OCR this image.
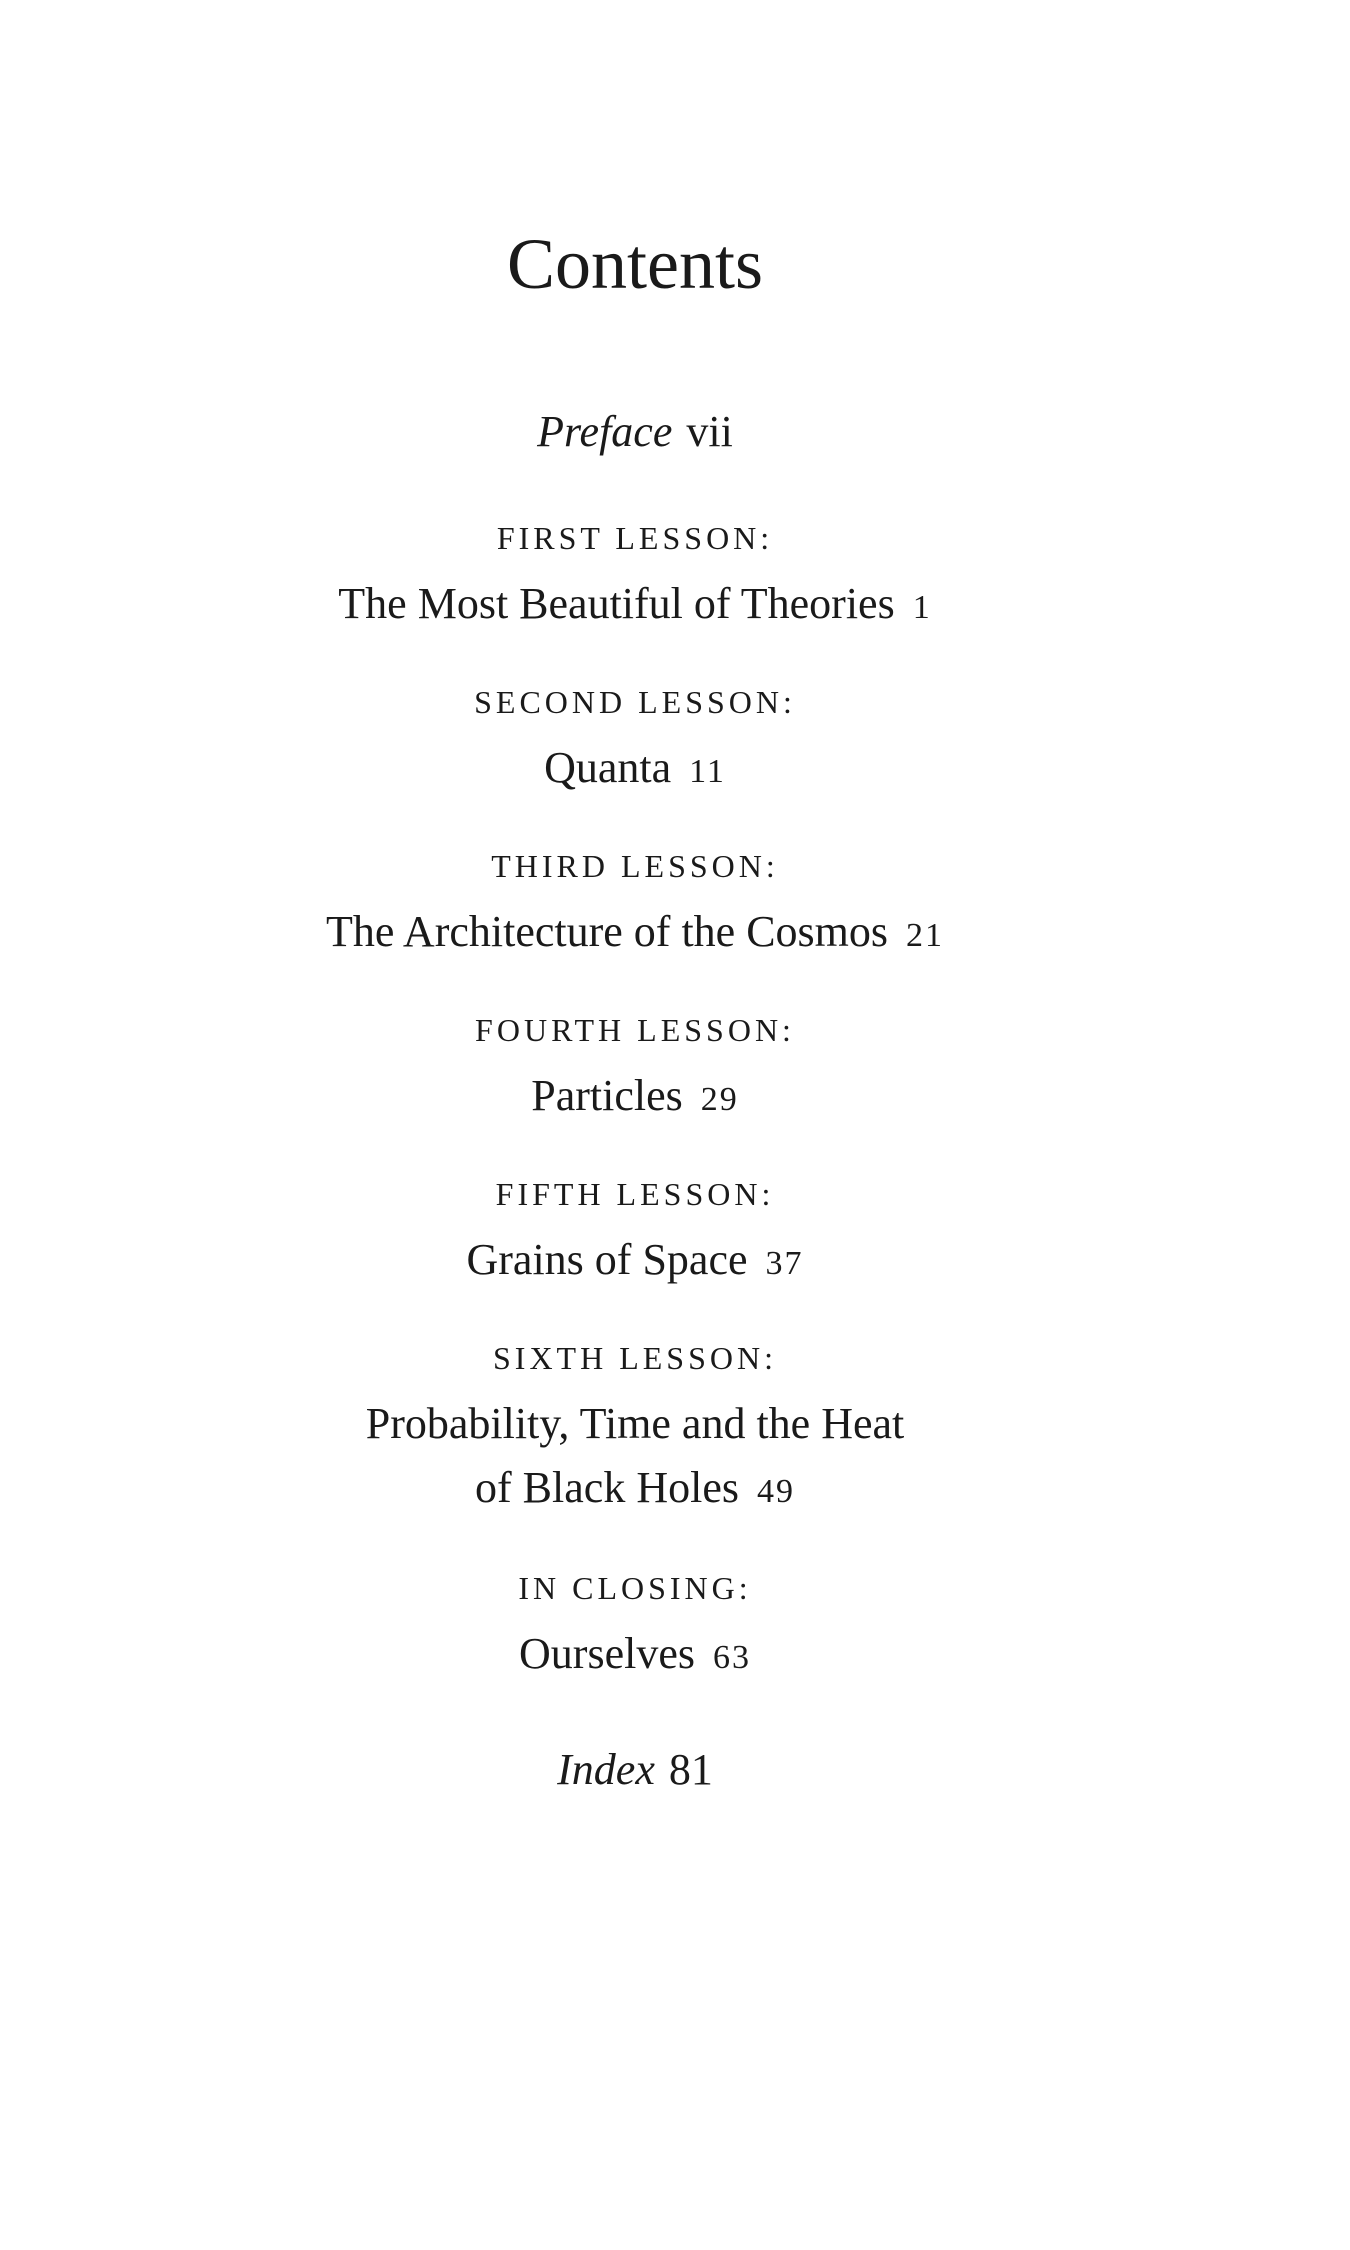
Contents
Preface vii
FIRST LESSON:
The Most Beautiful of Theories 1
SECOND LESSON:
Quanta 11
THIRD LESSON:
The Architecture of the Cosmos 21
FOURTH LESSON:
Particles 29
FIFTH LESSON:
Grains of Space 37
SIXTH LESSON:
Probability, Time and the Heat
of Black Holes 49
IN CLOSING:
Ourselves 63
Index 81
